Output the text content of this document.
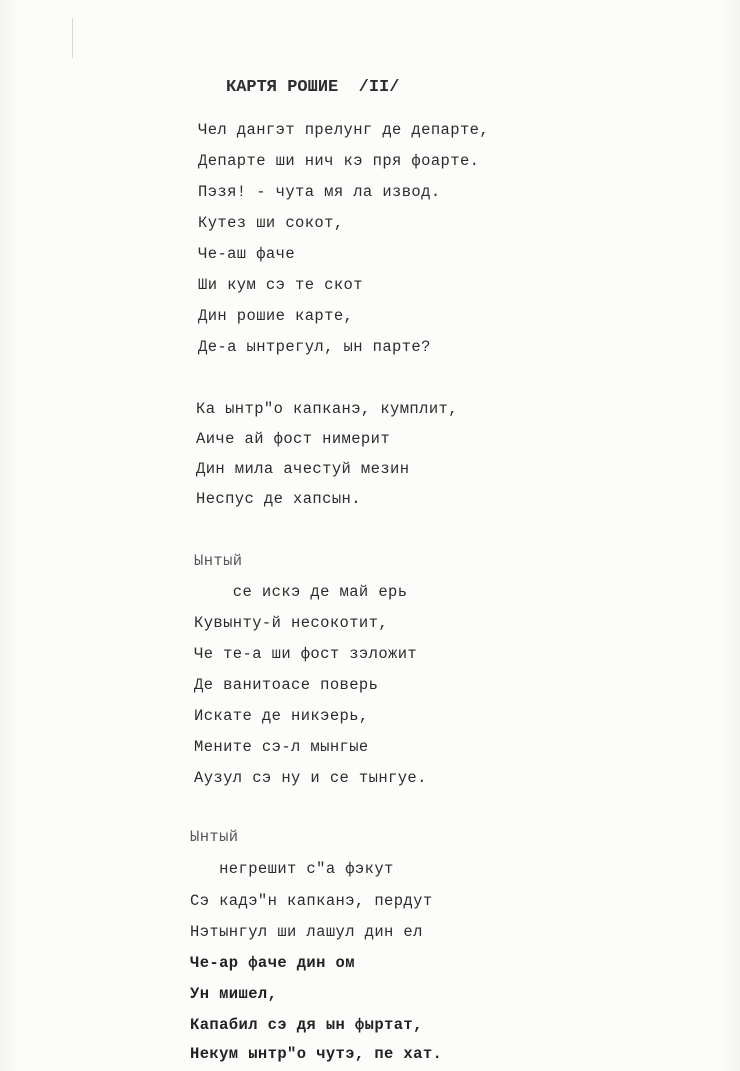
КАРТЯ РОШИЕ  /II/
Чел дангэт прелунг де департе,
Департе ши нич кэ пря фоарте.
Пэзя! - чута мя ла извод.
Кутез ши сокот,
Че-аш фаче
Ши кум сэ те скот
Дин рошие карте,
Де-а ынтрегул, ын парте?
Ка ынтр"о капканэ, кумплит,
Аиче ай фост нимерит
Дин мила ачестуй мезин
Неспус де хапсын.
Ынтый
се искэ де май ерь
Кувынту-й несокотит,
Че те-а ши фост зэложит
Де ванитоасе поверь
Искате де никэерь,
Мените сэ-л мынгые
Аузул сэ ну и се тынгуе.
Ынтый
негрешит с"а фэкут
Сэ кадэ"н капканэ, пердут
Нэтынгул ши лашул дин ел
Че-ар фаче дин ом
Ун мишел,
Капабил сэ дя ын фыртат,
Некум ынтр"о чутэ, пе хат.
